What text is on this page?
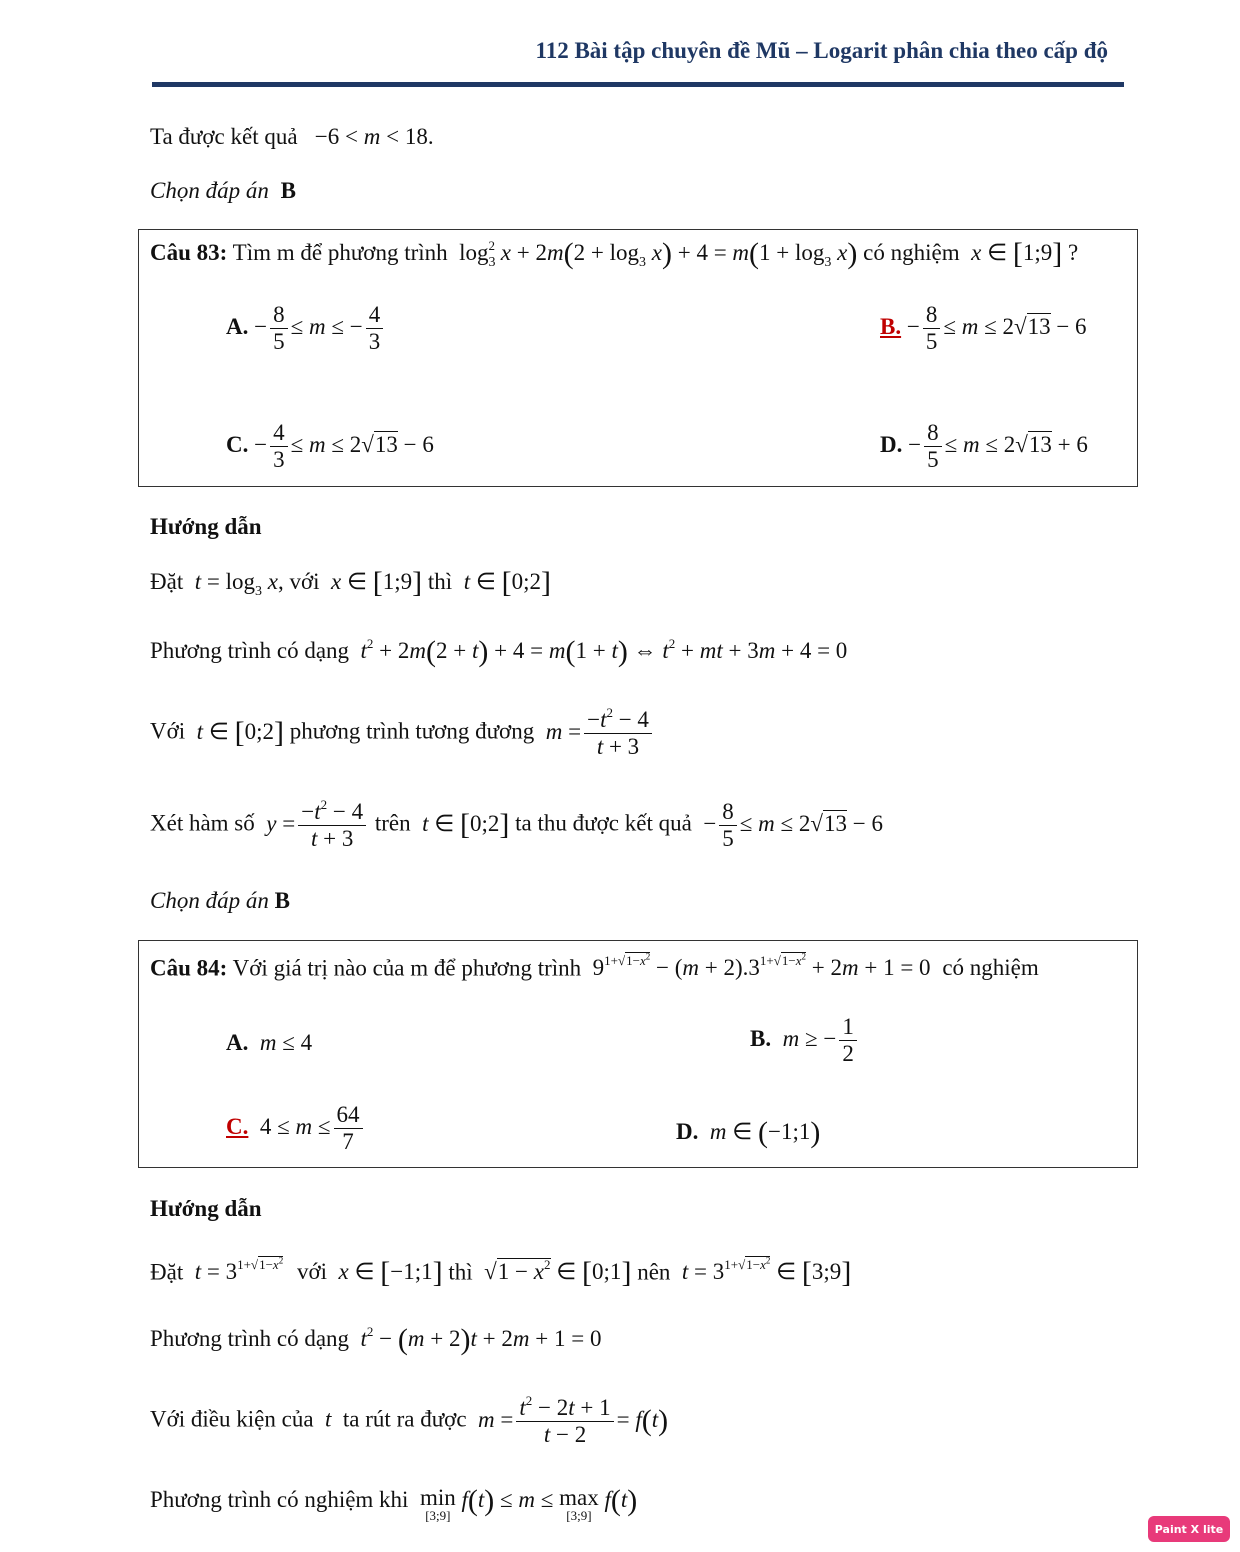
112 Bài tập chuyên đề Mũ – Logarit phân chia theo cấp độ
Ta được kết quả   −6 < m < 18.
Chọn đáp án B
Câu 83: Tìm m để phương trình  $\log_3^2 x + 2m(2 + \log_3 x) + 4 = m(1 + \log_3 x)$ có nghiệm x ∈ [1;9] ?
A. − $\frac{8}{5} \le m$ ≤ − $\frac{4}{3}$	B. − $\frac{8}{5} \le m \le 2√13 - 6$
C. − $\frac{4}{3} \le m \le 2√13 - 6$	D. − $\frac{8}{5} \le m \le 2√13 + 6$
Hướng dẫn
Đặt $t = \log_3 x$, với x ∈ [1;9] thì t ∈ [0;2]
Phương trình có dạng $t^2 + 2m(2 + t) + 4 = m(1 + t)$ ⇔ $t^2$ + mt + 3m + 4 = 0
Với t ∈ [0;2] phương trình tương đương $m = \frac{-t^2 - 4}{t + 3}$
Xét hàm số $y = \frac{-t^2 - 4}{t + 3}$ trên t ∈ [0;2] ta thu được kết quả  − $\frac{8}{5} \le m \le 2√13 - 6$
Chọn đáp án B
Câu 84: Với giá trị nào của m để phương trình  $9^{1+√1-x^2} - (m + 2).3^{1+√1-x^2} + 2m + 1 = 0$ có nghiệm
A. m ≤ 4	B. m ≥ − $\frac{1}{2}$
C.  $4 \le m \le \frac{64}{7}$	D. m ∈ (−1;1)
Hướng dẫn
Đặt $t = 3^{1+√1-x^2}$ với x ∈ [−1;1] thì  $√1 - x^2$ ∈ [0;1] nên $t = 3^{1+√1-x^2}$ ∈ [3;9]
Phương trình có dạng $t^2 - (m + 2)t + 2m + 1 = 0$
Với điều kiện của  t  ta rút ra được $m = \frac{t^2 - 2t + 1}{t - 2} = f(t)$
Phương trình có nghiệm khi min
[3;9]
f(t) ≤ m ≤ max
[3;9]
f(t)
Paint X lite
